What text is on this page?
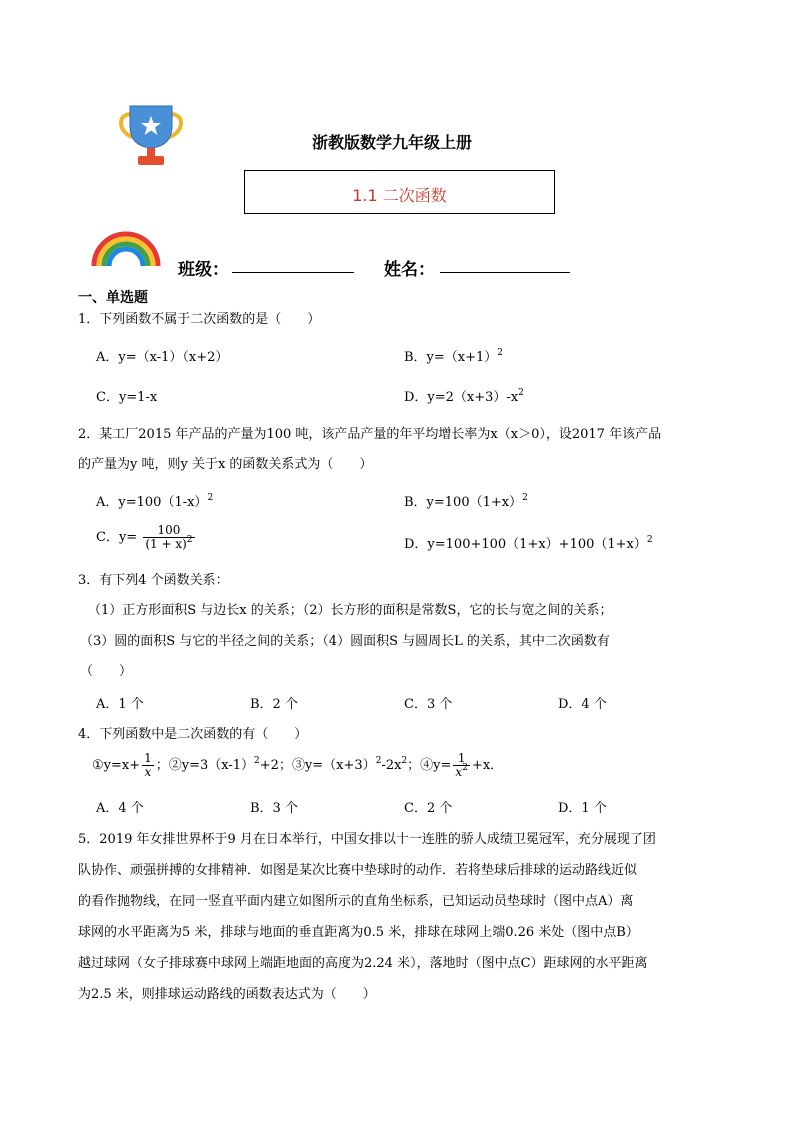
浙教版数学九年级上册
1.1 二次函数
班级：	姓名：
一、单选题
1．下列函数不属于二次函数的是（　　）
A．y=（x-1）（x+2）	B．$y=(x+1)^2$
C．y=1-x	D．$y=2(x+3)-x^2$
2．某工厂2015 年产品的产量为100 吨，该产品产量的年平均增长率为x（x＞0），设2017 年该产品
的产量为y 吨，则y 关于x 的函数关系式为（　　）
A．$y=100(1-x)^2$	B．$y=100(1+x)^2$
C．$y= \frac{100}{(1 + x)^2}$	D．$y=100+100(1+x)+100(1+x)^2$
3．有下列4 个函数关系：
（1）正方形面积S 与边长x 的关系；（2）长方形的面积是常数S，它的长与宽之间的关系；
（3）圆的面积S 与它的半径之间的关系；（4）圆面积S 与圆周长L 的关系，其中二次函数有
（　　）
A．1 个	B．2 个	C．3 个	D．4 个
4．下列函数中是二次函数的有（　　）
①y=x+ $\frac{1}{x}$ ；$②y=3(x-1)^2+2$；$③y=(x+3)^2-2x^2$；④y= $\frac{1}{x^2} +x$．
A．4 个	B．3 个	C．2 个	D．1 个
5．2019 年女排世界杯于9 月在日本举行，中国女排以十一连胜的骄人成绩卫冕冠军，充分展现了团
队协作、顽强拼搏的女排精神．如图是某次比赛中垫球时的动作．若将垫球后排球的运动路线近似
的看作抛物线，在同一竖直平面内建立如图所示的直角坐标系，已知运动员垫球时（图中点A）离
球网的水平距离为5 米，排球与地面的垂直距离为0.5 米，排球在球网上端0.26 米处（图中点B）
越过球网（女子排球赛中球网上端距地面的高度为2.24 米），落地时（图中点C）距球网的水平距离
为2.5 米，则排球运动路线的函数表达式为（　　）
